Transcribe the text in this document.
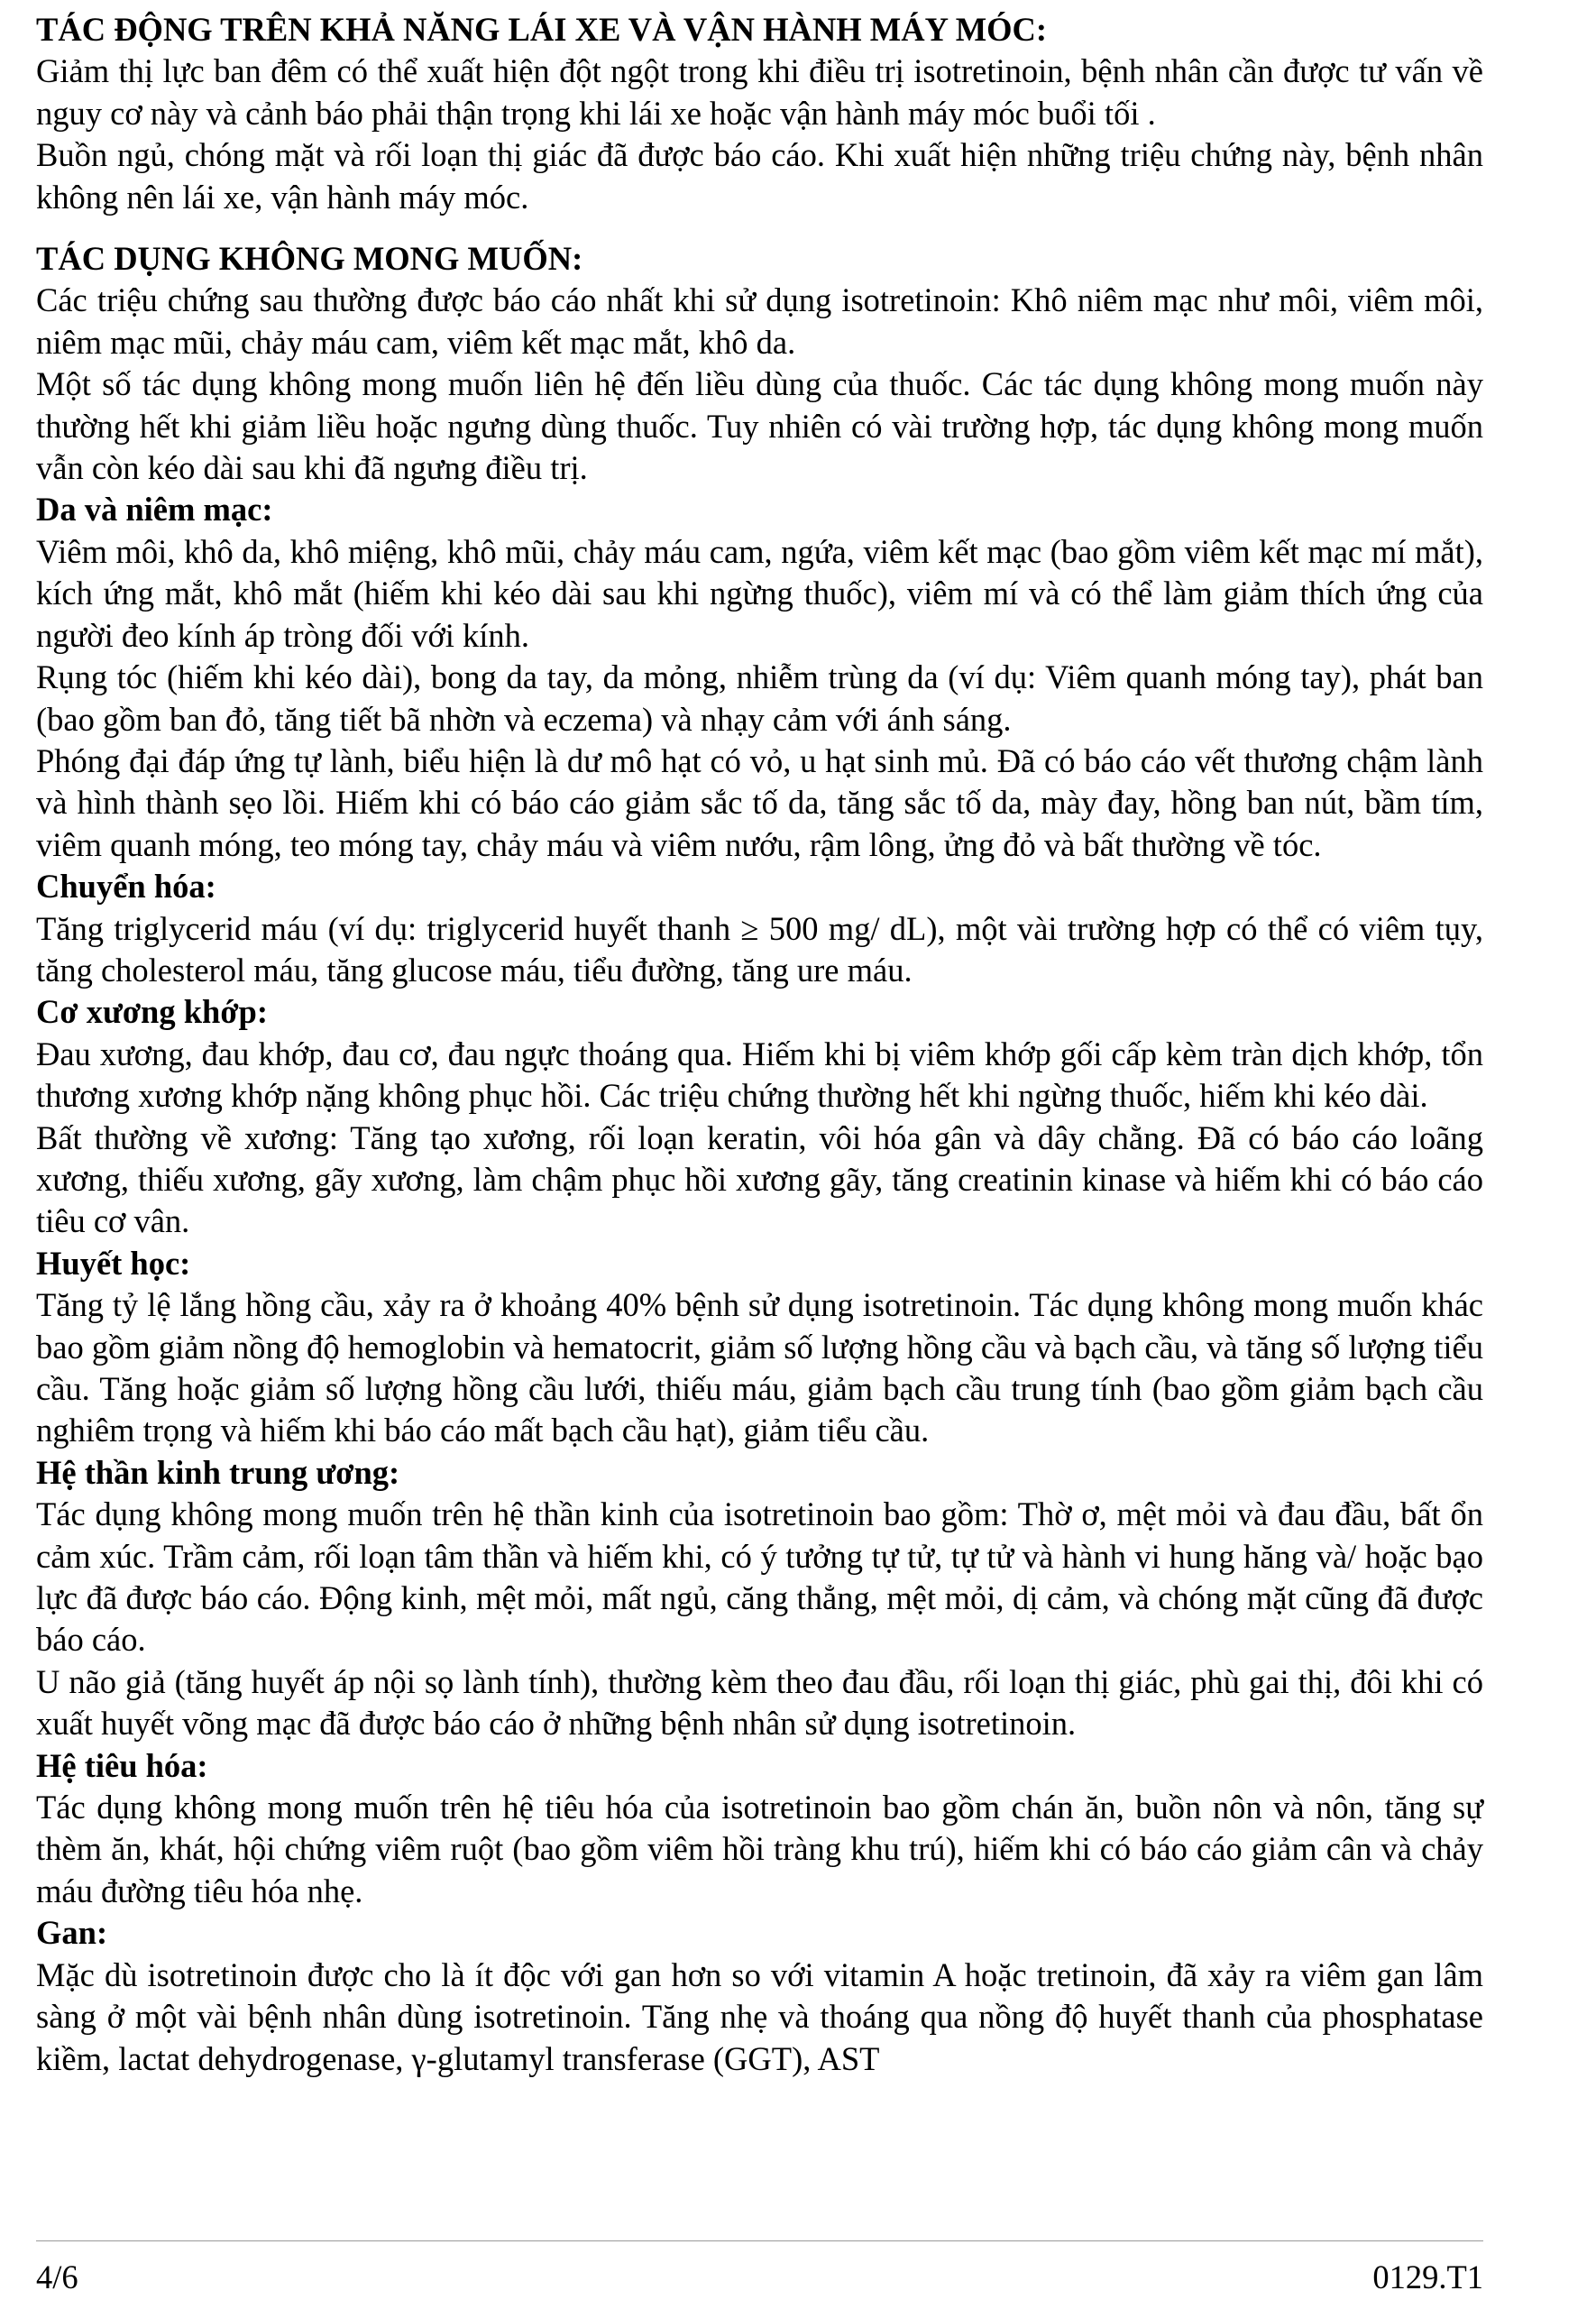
TÁC ĐỘNG TRÊN KHẢ NĂNG LÁI XE VÀ VẬN HÀNH MÁY MÓC:

Giảm thị lực ban đêm có thể xuất hiện đột ngột trong khi điều trị isotretinoin, bệnh nhân cần được tư vấn về nguy cơ này và cảnh báo phải thận trọng khi lái xe hoặc vận hành máy móc buổi tối .

Buồn ngủ, chóng mặt và rối loạn thị giác đã được báo cáo. Khi xuất hiện những triệu chứng này, bệnh nhân không nên lái xe, vận hành máy móc.

TÁC DỤNG KHÔNG MONG MUỐN:

Các triệu chứng sau thường được báo cáo nhất khi sử dụng isotretinoin: Khô niêm mạc như môi, viêm môi, niêm mạc mũi, chảy máu cam, viêm kết mạc mắt, khô da.

Một số tác dụng không mong muốn liên hệ đến liều dùng của thuốc. Các tác dụng không mong muốn này thường hết khi giảm liều hoặc ngưng dùng thuốc. Tuy nhiên có vài trường hợp, tác dụng không mong muốn vẫn còn kéo dài sau khi đã ngưng điều trị.

Da và niêm mạc:

Viêm môi, khô da, khô miệng, khô mũi, chảy máu cam, ngứa, viêm kết mạc (bao gồm viêm kết mạc mí mắt), kích ứng mắt, khô mắt (hiếm khi kéo dài sau khi ngừng thuốc), viêm mí và có thể làm giảm thích ứng của người đeo kính áp tròng đối với kính.

Rụng tóc (hiếm khi kéo dài), bong da tay, da mỏng, nhiễm trùng da (ví dụ: Viêm quanh móng tay), phát ban (bao gồm ban đỏ, tăng tiết bã nhờn và eczema) và nhạy cảm với ánh sáng.

Phóng đại đáp ứng tự lành, biểu hiện là dư mô hạt có vỏ, u hạt sinh mủ. Đã có báo cáo vết thương chậm lành và hình thành sẹo lồi. Hiếm khi có báo cáo giảm sắc tố da, tăng sắc tố da, mày đay, hồng ban nút, bầm tím, viêm quanh móng, teo móng tay, chảy máu và viêm nướu, rậm lông, ửng đỏ và bất thường về tóc.

Chuyển hóa:

Tăng triglycerid máu (ví dụ: triglycerid huyết thanh ≥ 500 mg/ dL), một vài trường hợp có thể có viêm tụy, tăng cholesterol máu, tăng glucose máu, tiểu đường, tăng ure máu.

Cơ xương khớp:

Đau xương, đau khớp, đau cơ, đau ngực thoáng qua. Hiếm khi bị viêm khớp gối cấp kèm tràn dịch khớp, tổn thương xương khớp nặng không phục hồi. Các triệu chứng thường hết khi ngừng thuốc, hiếm khi kéo dài.

Bất thường về xương: Tăng tạo xương, rối loạn keratin, vôi hóa gân và dây chằng. Đã có báo cáo loãng xương, thiếu xương, gãy xương, làm chậm phục hồi xương gãy, tăng creatinin kinase và hiếm khi có báo cáo tiêu cơ vân.

Huyết học:

Tăng tỷ lệ lắng hồng cầu, xảy ra ở khoảng 40% bệnh sử dụng isotretinoin. Tác dụng không mong muốn khác bao gồm giảm nồng độ hemoglobin và hematocrit, giảm số lượng hồng cầu và bạch cầu, và tăng số lượng tiểu cầu. Tăng hoặc giảm số lượng hồng cầu lưới, thiếu máu, giảm bạch cầu trung tính (bao gồm giảm bạch cầu nghiêm trọng và hiếm khi báo cáo mất bạch cầu hạt), giảm tiểu cầu.

Hệ thần kinh trung ương:

Tác dụng không mong muốn trên hệ thần kinh của isotretinoin bao gồm: Thờ ơ, mệt mỏi và đau đầu, bất ổn cảm xúc. Trầm cảm, rối loạn tâm thần và hiếm khi, có ý tưởng tự tử, tự tử và hành vi hung hăng và/ hoặc bạo lực đã được báo cáo. Động kinh, mệt mỏi, mất ngủ, căng thẳng, mệt mỏi, dị cảm, và chóng mặt cũng đã được báo cáo.

U não giả (tăng huyết áp nội sọ lành tính), thường kèm theo đau đầu, rối loạn thị giác, phù gai thị, đôi khi có xuất huyết võng mạc đã được báo cáo ở những bệnh nhân sử dụng isotretinoin.

Hệ tiêu hóa:

Tác dụng không mong muốn trên hệ tiêu hóa của isotretinoin bao gồm chán ăn, buồn nôn và nôn, tăng sự thèm ăn, khát, hội chứng viêm ruột (bao gồm viêm hồi tràng khu trú), hiếm khi có báo cáo giảm cân và chảy máu đường tiêu hóa nhẹ.

Gan:

Mặc dù isotretinoin được cho là ít độc với gan hơn so với vitamin A hoặc tretinoin, đã xảy ra viêm gan lâm sàng ở một vài bệnh nhân dùng isotretinoin. Tăng nhẹ và thoáng qua nồng độ huyết thanh của phosphatase kiềm, lactat dehydrogenase, γ-glutamyl transferase (GGT), AST

4/6	0129.T1
